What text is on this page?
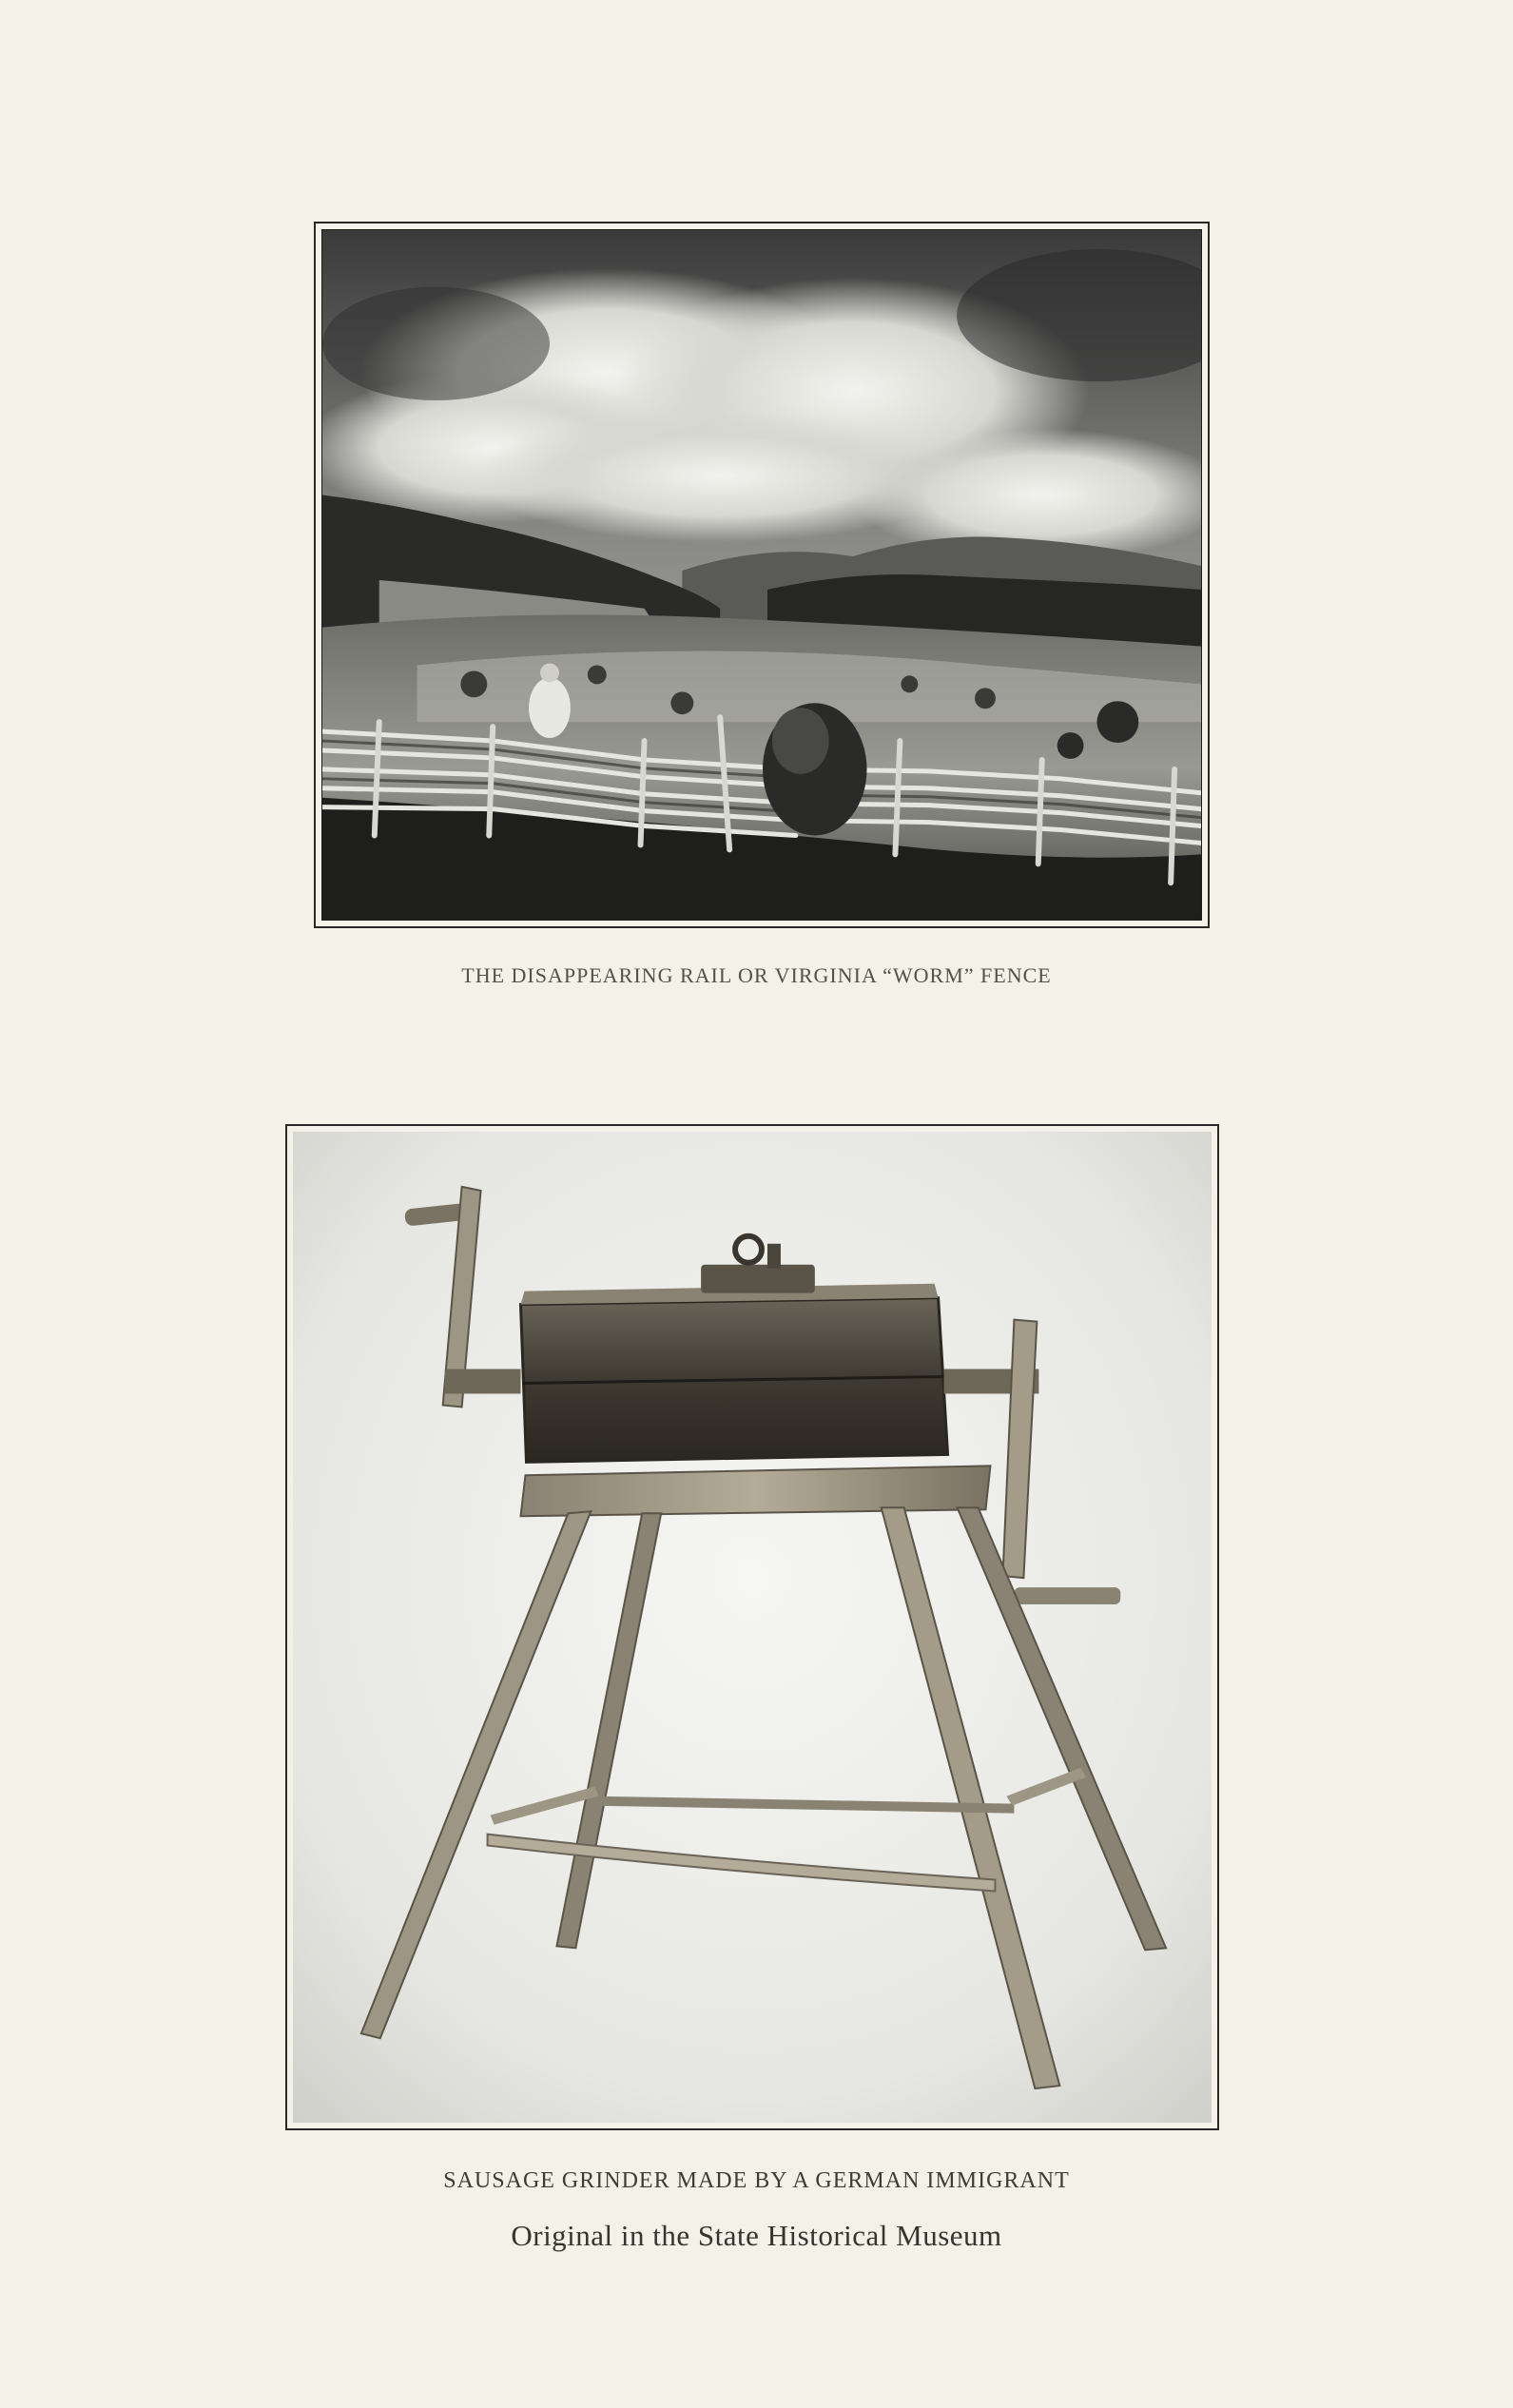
THE DISAPPEARING RAIL OR VIRGINIA “WORM” FENCE
SAUSAGE GRINDER MADE BY A GERMAN IMMIGRANT
Original in the State Historical Museum
